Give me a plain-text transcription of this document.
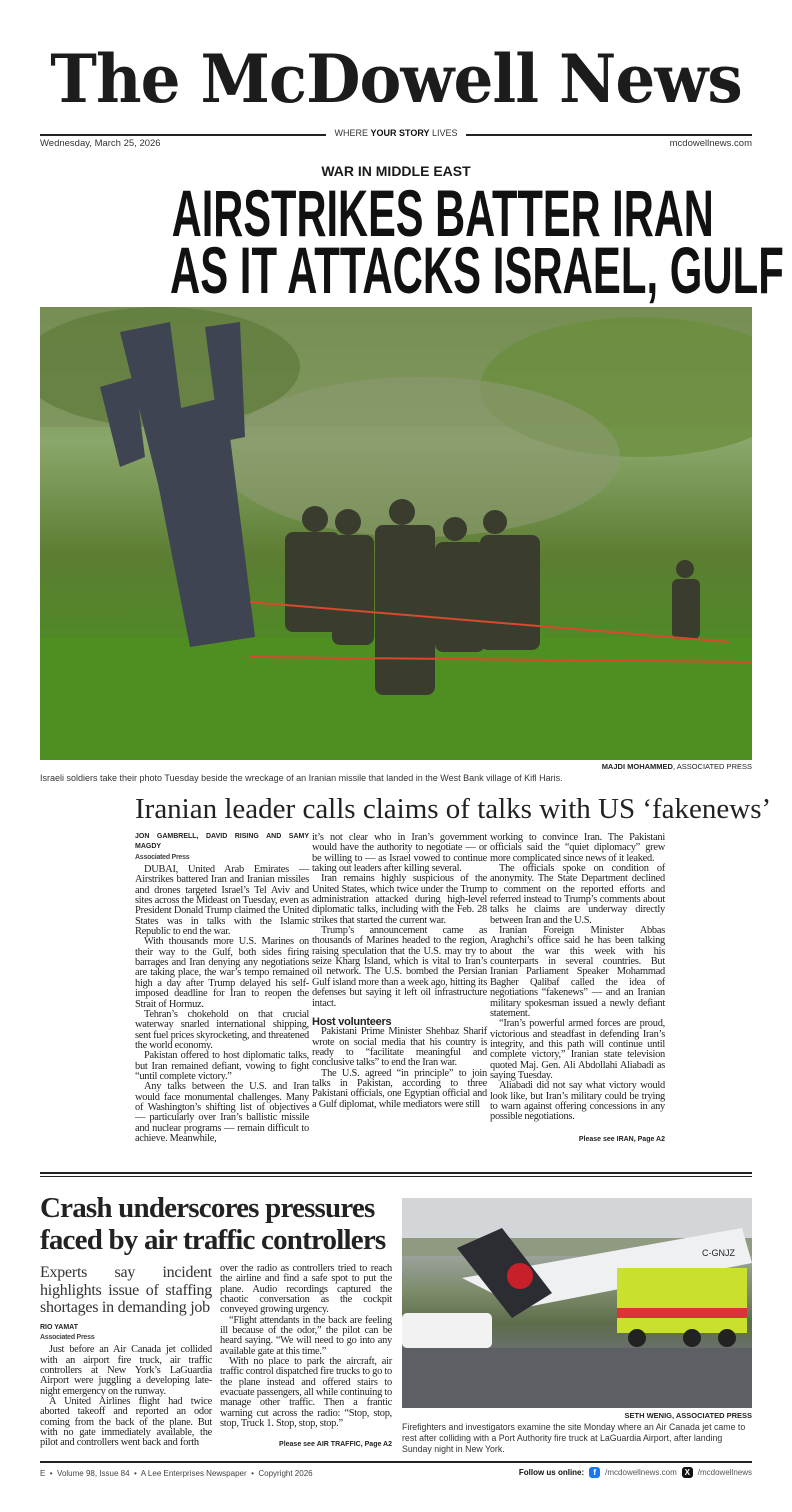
The McDowell News
WHERE YOUR STORY LIVES
Wednesday, March 25, 2026	mcdowellnews.com
WAR IN MIDDLE EAST
AIRSTRIKES BATTER IRAN
AS IT ATTACKS ISRAEL, GULF
MAJDI MOHAMMED, ASSOCIATED PRESS
Israeli soldiers take their photo Tuesday beside the wreckage of an Iranian missile that landed in the West Bank village of Kifl Haris.
Iranian leader calls claims of talks with US ‘fakenews’
JON GAMBRELL, DAVID RISING AND SAMY MAGDY
Associated Press

DUBAI, United Arab Emirates — Airstrikes battered Iran and Iranian missiles and drones targeted Israel’s Tel Aviv and sites across the Mideast on Tuesday, even as President Donald Trump claimed the United States was in talks with the Islamic Republic to end the war.

With thousands more U.S. Marines on their way to the Gulf, both sides firing barrages and Iran denying any negotiations are taking place, the war’s tempo remained high a day after Trump delayed his self-imposed deadline for Iran to reopen the Strait of Hormuz.

Tehran’s chokehold on that crucial waterway snarled international shipping, sent fuel prices skyrocketing, and threatened the world economy.

Pakistan offered to host diplomatic talks, but Iran remained defiant, vowing to fight “until complete victory.”

Any talks between the U.S. and Iran would face monumental challenges. Many of Washington’s shifting list of objectives — particularly over Iran’s ballistic missile and nuclear programs — remain difficult to achieve. Meanwhile,

it’s not clear who in Iran’s government would have the authority to negotiate — or be willing to — as Israel vowed to continue taking out leaders after killing several.

Iran remains highly suspicious of the United States, which twice under the Trump administration attacked during high-level diplomatic talks, including with the Feb. 28 strikes that started the current war.

Trump’s announcement came as thousands of Marines headed to the region, raising speculation that the U.S. may try to seize Kharg Island, which is vital to Iran’s oil network. The U.S. bombed the Persian Gulf island more than a week ago, hitting its defenses but saying it left oil infrastructure intact.

Host volunteers

Pakistani Prime Minister Shehbaz Sharif wrote on social media that his country is ready to “facilitate meaningful and conclusive talks” to end the Iran war.

The U.S. agreed “in principle” to join talks in Pakistan, according to three Pakistani officials, one Egyptian official and a Gulf diplomat, while mediators were still

working to convince Iran. The Pakistani officials said the “quiet diplomacy” grew more complicated since news of it leaked.

The officials spoke on condition of anonymity. The State Department declined to comment on the reported efforts and referred instead to Trump’s comments about talks he claims are underway directly between Iran and the U.S.

Iranian Foreign Minister Abbas Araghchi’s office said he has been talking about the war this week with his counterparts in several countries. But Iranian Parliament Speaker Mohammad Bagher Qalibaf called the idea of negotiations “fakenews” — and an Iranian military spokesman issued a newly defiant statement.

“Iran’s powerful armed forces are proud, victorious and steadfast in defending Iran’s integrity, and this path will continue until complete victory,” Iranian state television quoted Maj. Gen. Ali Abdollahi Aliabadi as saying Tuesday.

Aliabadi did not say what victory would look like, but Iran’s military could be trying to warn against offering concessions in any possible negotiations.

Please see IRAN, Page A2
Crash underscores pressures faced by air traffic controllers
Experts say incident highlights issue of staffing shortages in demanding job
RIO YAMAT
Associated Press

Just before an Air Canada jet collided with an airport fire truck, air traffic controllers at New York’s LaGuardia Airport were juggling a developing late-night emergency on the runway.

A United Airlines flight had twice aborted takeoff and reported an odor coming from the back of the plane. But with no gate immediately available, the pilot and controllers went back and forth

over the radio as controllers tried to reach the airline and find a safe spot to put the plane. Audio recordings captured the chaotic conversation as the cockpit conveyed growing urgency.

“Flight attendants in the back are feeling ill because of the odor,” the pilot can be heard saying. “We will need to go into any available gate at this time.”

With no place to park the aircraft, air traffic control dispatched fire trucks to go to the plane instead and offered stairs to evacuate passengers, all while continuing to manage other traffic. Then a frantic warning cut across the radio: “Stop, stop, stop, Truck 1. Stop, stop, stop.”

Please see AIR TRAFFIC, Page A2
C-GNJZ
SETH WENIG, ASSOCIATED PRESS
Firefighters and investigators examine the site Monday where an Air Canada jet came to rest after colliding with a Port Authority fire truck at LaGuardia Airport, after landing Sunday night in New York.
E  •  Volume 98, Issue 84  •  A Lee Enterprises Newspaper  •  Copyright 2026	Follow us online:	f	/mcdowellnews.com X /mcdowellnews
